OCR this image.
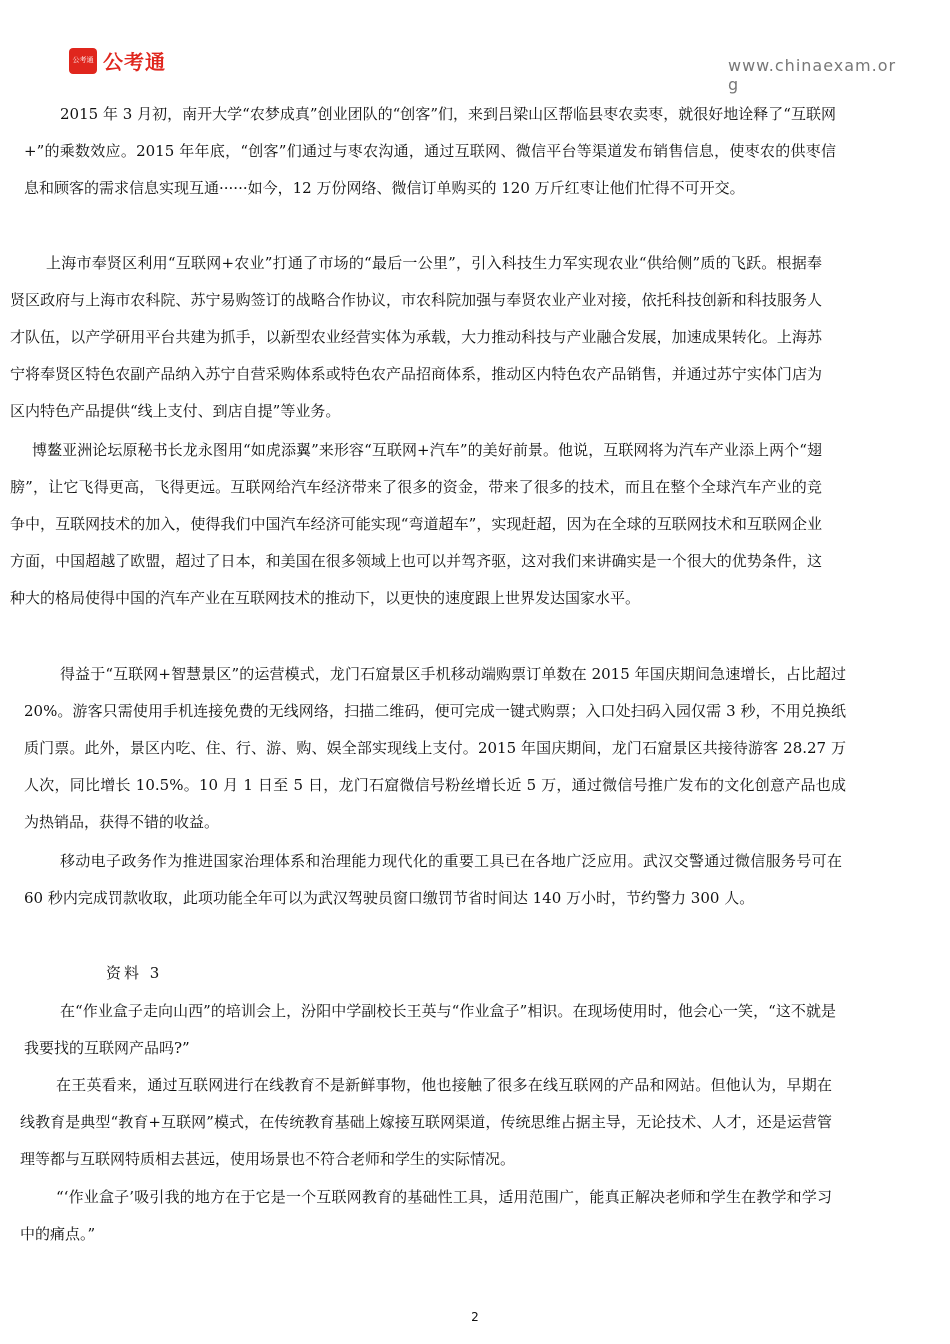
公考通 公考通	www.chinaexam.org

2015 年 3 月初，南开大学“农梦成真”创业团队的“创客”们，来到吕梁山区帮临县枣农卖枣，就很好地诠释了“互联网+”的乘数效应。2015 年年底，“创客”们通过与枣农沟通，通过互联网、微信平台等渠道发布销售信息，使枣农的供枣信息和顾客的需求信息实现互通······如今，12 万份网络、微信订单购买的 120 万斤红枣让他们忙得不可开交。

上海市奉贤区利用“互联网+农业”打通了市场的“最后一公里”，引入科技生力军实现农业“供给侧”质的飞跃。根据奉贤区政府与上海市农科院、苏宁易购签订的战略合作协议，市农科院加强与奉贤农业产业对接，依托科技创新和科技服务人才队伍，以产学研用平台共建为抓手，以新型农业经营实体为承载，大力推动科技与产业融合发展，加速成果转化。上海苏宁将奉贤区特色农副产品纳入苏宁自营采购体系或特色农产品招商体系，推动区内特色农产品销售，并通过苏宁实体门店为区内特色产品提供“线上支付、到店自提”等业务。

博鳌亚洲论坛原秘书长龙永图用“如虎添翼”来形容“互联网+汽车”的美好前景。他说，互联网将为汽车产业添上两个“翅膀”，让它飞得更高，飞得更远。互联网给汽车经济带来了很多的资金，带来了很多的技术，而且在整个全球汽车产业的竞争中，互联网技术的加入，使得我们中国汽车经济可能实现“弯道超车”，实现赶超，因为在全球的互联网技术和互联网企业方面，中国超越了欧盟，超过了日本，和美国在很多领域上也可以并驾齐驱，这对我们来讲确实是一个很大的优势条件，这种大的格局使得中国的汽车产业在互联网技术的推动下，以更快的速度跟上世界发达国家水平。

得益于“互联网+智慧景区”的运营模式，龙门石窟景区手机移动端购票订单数在 2015 年国庆期间急速增长，占比超过 20%。游客只需使用手机连接免费的无线网络，扫描二维码，便可完成一键式购票；入口处扫码入园仅需 3 秒，不用兑换纸质门票。此外，景区内吃、住、行、游、购、娱全部实现线上支付。2015 年国庆期间，龙门石窟景区共接待游客 28.27 万人次，同比增长 10.5%。10 月 1 日至 5 日，龙门石窟微信号粉丝增长近 5 万，通过微信号推广发布的文化创意产品也成为热销品，获得不错的收益。

移动电子政务作为推进国家治理体系和治理能力现代化的重要工具已在各地广泛应用。武汉交警通过微信服务号可在 60 秒内完成罚款收取，此项功能全年可以为武汉驾驶员窗口缴罚节省时间达 140 万小时，节约警力 300 人。

资料 3

在“作业盒子走向山西”的培训会上，汾阳中学副校长王英与“作业盒子”相识。在现场使用时，他会心一笑，“这不就是我要找的互联网产品吗?”

在王英看来，通过互联网进行在线教育不是新鲜事物，他也接触了很多在线互联网的产品和网站。但他认为，早期在线教育是典型“教育+互联网”模式，在传统教育基础上嫁接互联网渠道，传统思维占据主导，无论技术、人才，还是运营管理等都与互联网特质相去甚远，使用场景也不符合老师和学生的实际情况。

“‘作业盒子’吸引我的地方在于它是一个互联网教育的基础性工具，适用范围广，能真正解决老师和学生在教学和学习中的痛点。”

2
